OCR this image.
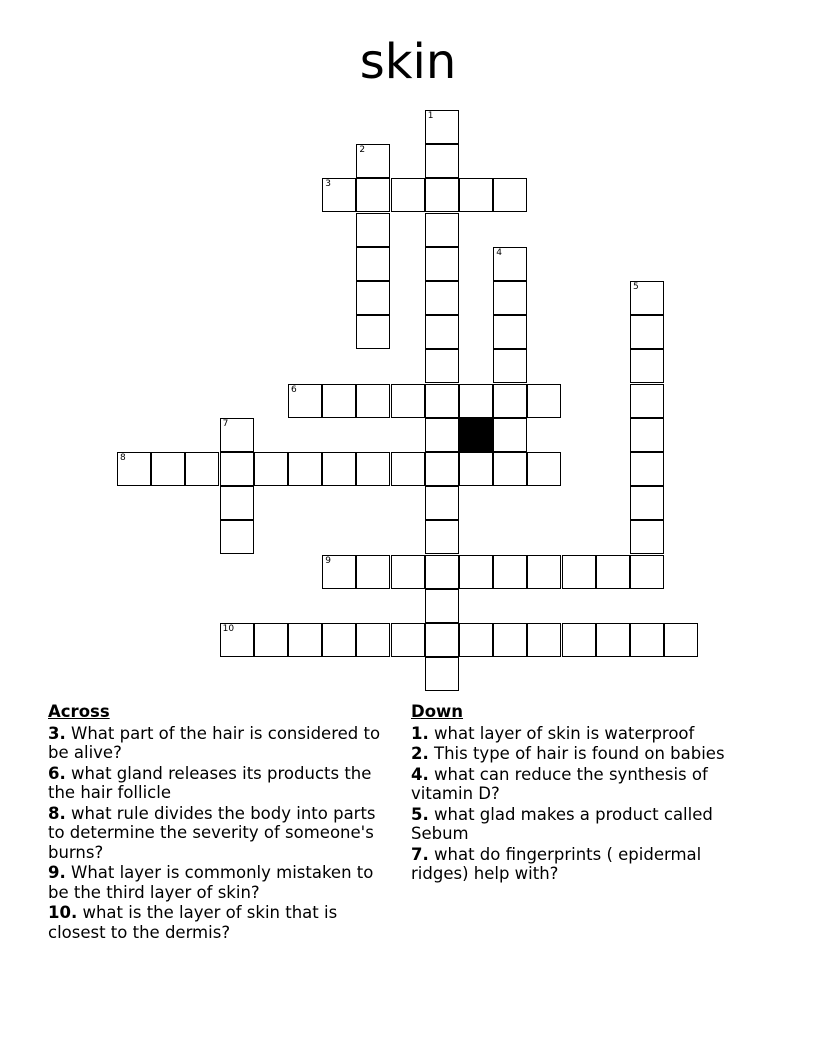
skin
1
2
3
4
5
6
7
8
9
10
Across
3. What part of the hair is considered to be alive?
6. what gland releases its products the the hair follicle
8. what rule divides the body into parts to determine the severity of someone's burns?
9. What layer is commonly mistaken to be the third layer of skin?
10. what is the layer of skin that is closest to the dermis?
Down
1. what layer of skin is waterproof
2. This type of hair is found on babies
4. what can reduce the synthesis of vitamin D?
5. what glad makes a product called Sebum
7. what do fingerprints ( epidermal ridges) help with?
